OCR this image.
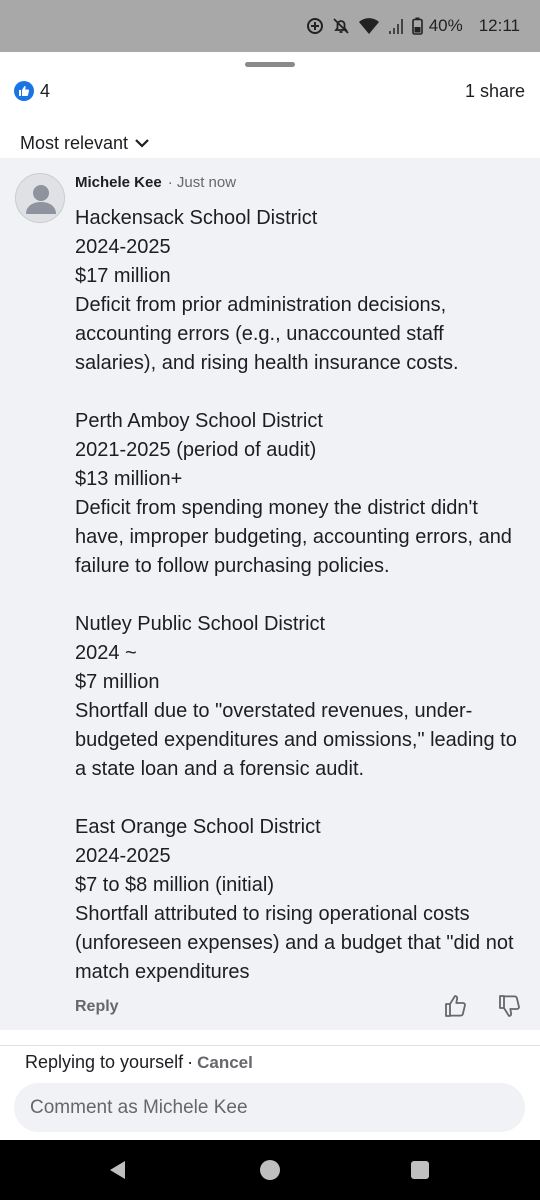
40% 12:11
4	1 share
Most relevant
Michele Kee · Just now
Hackensack School District
2024-2025
$17 million
Deficit from prior administration decisions, accounting errors (e.g., unaccounted staff salaries), and rising health insurance costs.

Perth Amboy School District
2021-2025 (period of audit)
$13 million+
Deficit from spending money the district didn't have, improper budgeting, accounting errors, and failure to follow purchasing policies.

Nutley Public School District
2024 ~
$7 million
Shortfall due to "overstated revenues, under-budgeted expenditures and omissions," leading to a state loan and a forensic audit.

East Orange School District
2024-2025
$7 to $8 million (initial)
Shortfall attributed to rising operational costs (unforeseen expenses) and a budget that "did not match expenditures
Reply
Replying to yourself · Cancel
Comment as Michele Kee
